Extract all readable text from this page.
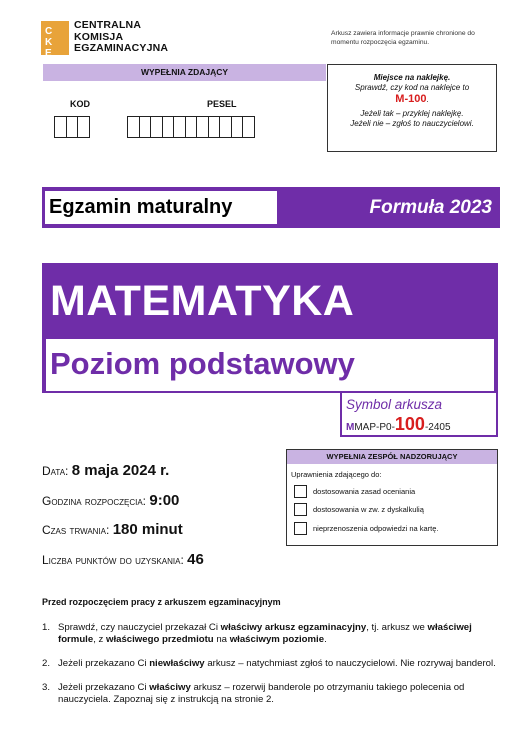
CKE
CENTRALNA
KOMISJA
EGZAMINACYJNA
Arkusz zawiera informacje prawnie chronione do momentu rozpoczęcia egzaminu.
WYPEŁNIA ZDAJĄCY
KOD	PESEL
Miejsce na naklejkę.
Sprawdź, czy kod na naklejce to
M-100.
Jeżeli tak – przyklej naklejkę.
Jeżeli nie – zgłoś to nauczycielowi.
Egzamin maturalny	Formuła 2023
MATEMATYKA
Poziom podstawowy
Symbol arkusza
MMAP-P0-100-2405
Data: 8 maja 2024 r.
Godzina rozpoczęcia: 9:00
Czas trwania: 180 minut
Liczba punktów do uzyskania: 46
WYPEŁNIA ZESPÓŁ NADZORUJĄCY
Uprawnienia zdającego do:
dostosowania zasad oceniania
dostosowania w zw. z dyskalkulią
nieprzenoszenia odpowiedzi na kartę.
Przed rozpoczęciem pracy z arkuszem egzaminacyjnym
1. Sprawdź, czy nauczyciel przekazał Ci właściwy arkusz egzaminacyjny, tj. arkusz we właściwej formule, z właściwego przedmiotu na właściwym poziomie.
2. Jeżeli przekazano Ci niewłaściwy arkusz – natychmiast zgłoś to nauczycielowi. Nie rozrywaj banderol.
3. Jeżeli przekazano Ci właściwy arkusz – rozerwij banderole po otrzymaniu takiego polecenia od nauczyciela. Zapoznaj się z instrukcją na stronie 2.
